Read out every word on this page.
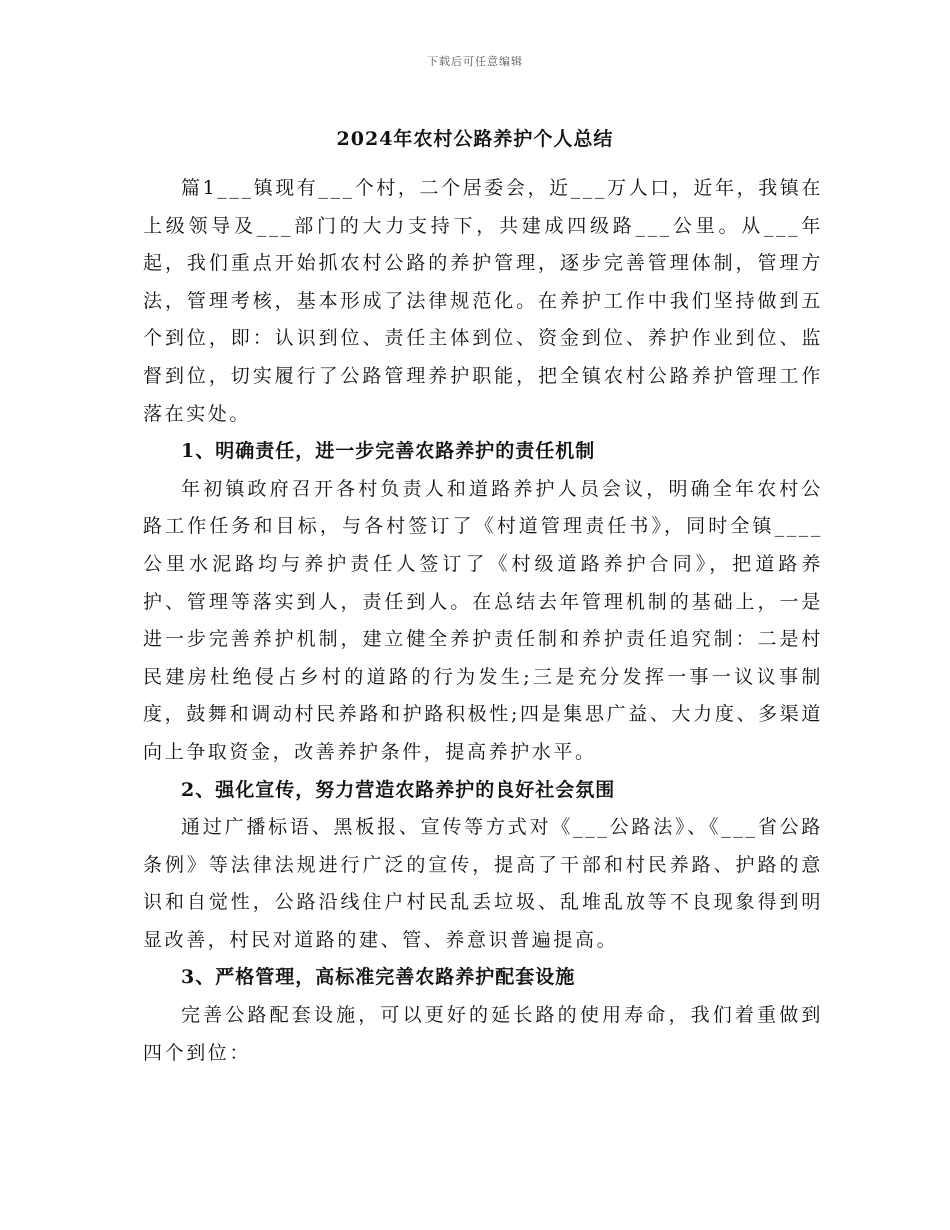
下载后可任意编辑
2024年农村公路养护个人总结

篇1___镇现有___个村，二个居委会，近___万人口，近年，我镇在上级领导及___部门的大力支持下，共建成四级路___公里。从___年起，我们重点开始抓农村公路的养护管理，逐步完善管理体制，管理方法，管理考核，基本形成了法律规范化。在养护工作中我们坚持做到五个到位，即：认识到位、责任主体到位、资金到位、养护作业到位、监督到位，切实履行了公路管理养护职能，把全镇农村公路养护管理工作落在实处。

1、明确责任，进一步完善农路养护的责任机制

年初镇政府召开各村负责人和道路养护人员会议，明确全年农村公路工作任务和目标，与各村签订了《村道管理责任书》，同时全镇____公里水泥路均与养护责任人签订了《村级道路养护合同》，把道路养护、管理等落实到人，责任到人。在总结去年管理机制的基础上，一是进一步完善养护机制，建立健全养护责任制和养护责任追究制：二是村民建房杜绝侵占乡村的道路的行为发生;三是充分发挥一事一议议事制度，鼓舞和调动村民养路和护路积极性;四是集思广益、大力度、多渠道向上争取资金，改善养护条件，提高养护水平。

2、强化宣传，努力营造农路养护的良好社会氛围

通过广播标语、黑板报、宣传等方式对《___公路法》、《___省公路条例》等法律法规进行广泛的宣传，提高了干部和村民养路、护路的意识和自觉性，公路沿线住户村民乱丢垃圾、乱堆乱放等不良现象得到明显改善，村民对道路的建、管、养意识普遍提高。

3、严格管理，高标准完善农路养护配套设施

完善公路配套设施，可以更好的延长路的使用寿命，我们着重做到四个到位：
